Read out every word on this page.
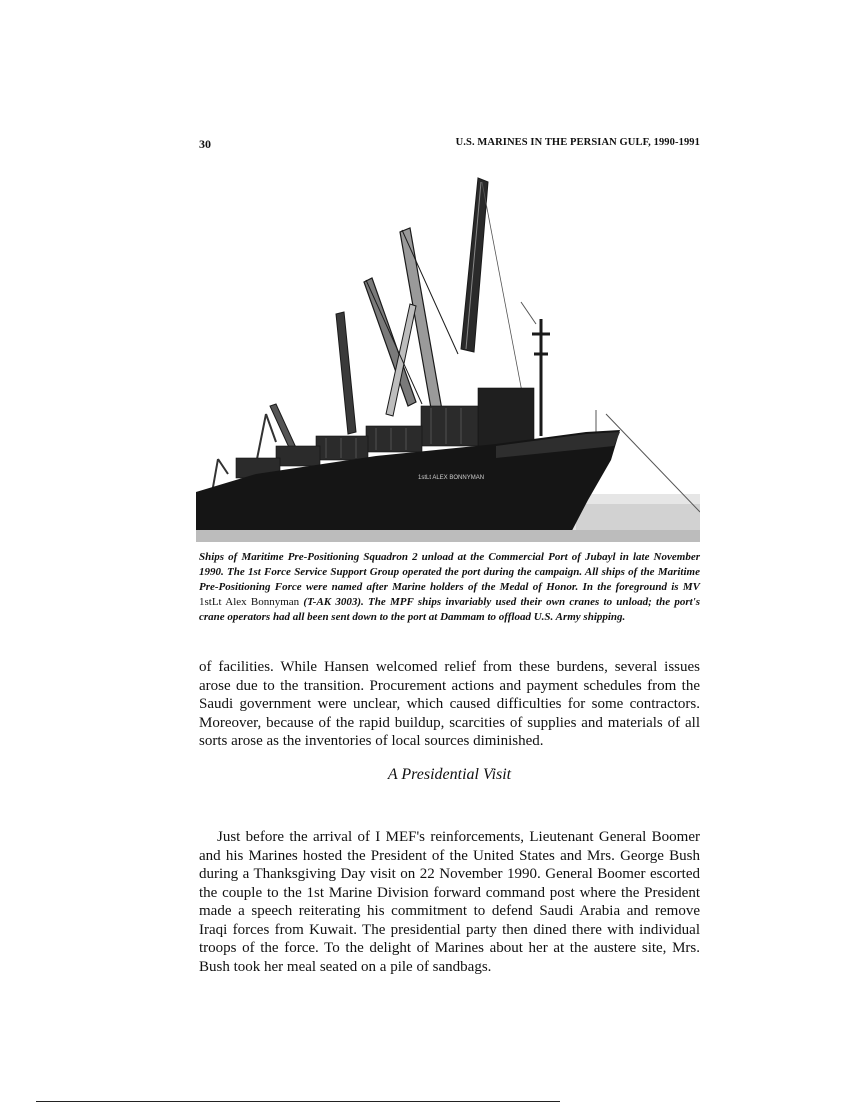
30	U.S. MARINES IN THE PERSIAN GULF, 1990-1991
1stLt ALEX BONNYMAN
Ships of Maritime Pre-Positioning Squadron 2 unload at the Commercial Port of Jubayl in late November 1990. The 1st Force Service Support Group operated the port during the campaign. All ships of the Maritime Pre-Positioning Force were named after Marine holders of the Medal of Honor. In the foreground is MV 1stLt Alex Bonnyman (T-AK 3003). The MPF ships invariably used their own cranes to unload; the port's crane operators had all been sent down to the port at Dammam to offload U.S. Army shipping.
of facilities. While Hansen welcomed relief from these burdens, several issues arose due to the transition. Procurement actions and payment schedules from the Saudi government were unclear, which caused difficulties for some contractors. Moreover, because of the rapid buildup, scarcities of supplies and materials of all sorts arose as the inventories of local sources diminished.
A Presidential Visit
Just before the arrival of I MEF's reinforcements, Lieutenant General Boomer and his Marines hosted the President of the United States and Mrs. George Bush during a Thanksgiving Day visit on 22 November 1990. General Boomer escorted the couple to the 1st Marine Division forward command post where the President made a speech reiterating his commitment to defend Saudi Arabia and remove Iraqi forces from Kuwait. The presidential party then dined there with individual troops of the force. To the delight of Marines about her at the austere site, Mrs. Bush took her meal seated on a pile of sandbags.
